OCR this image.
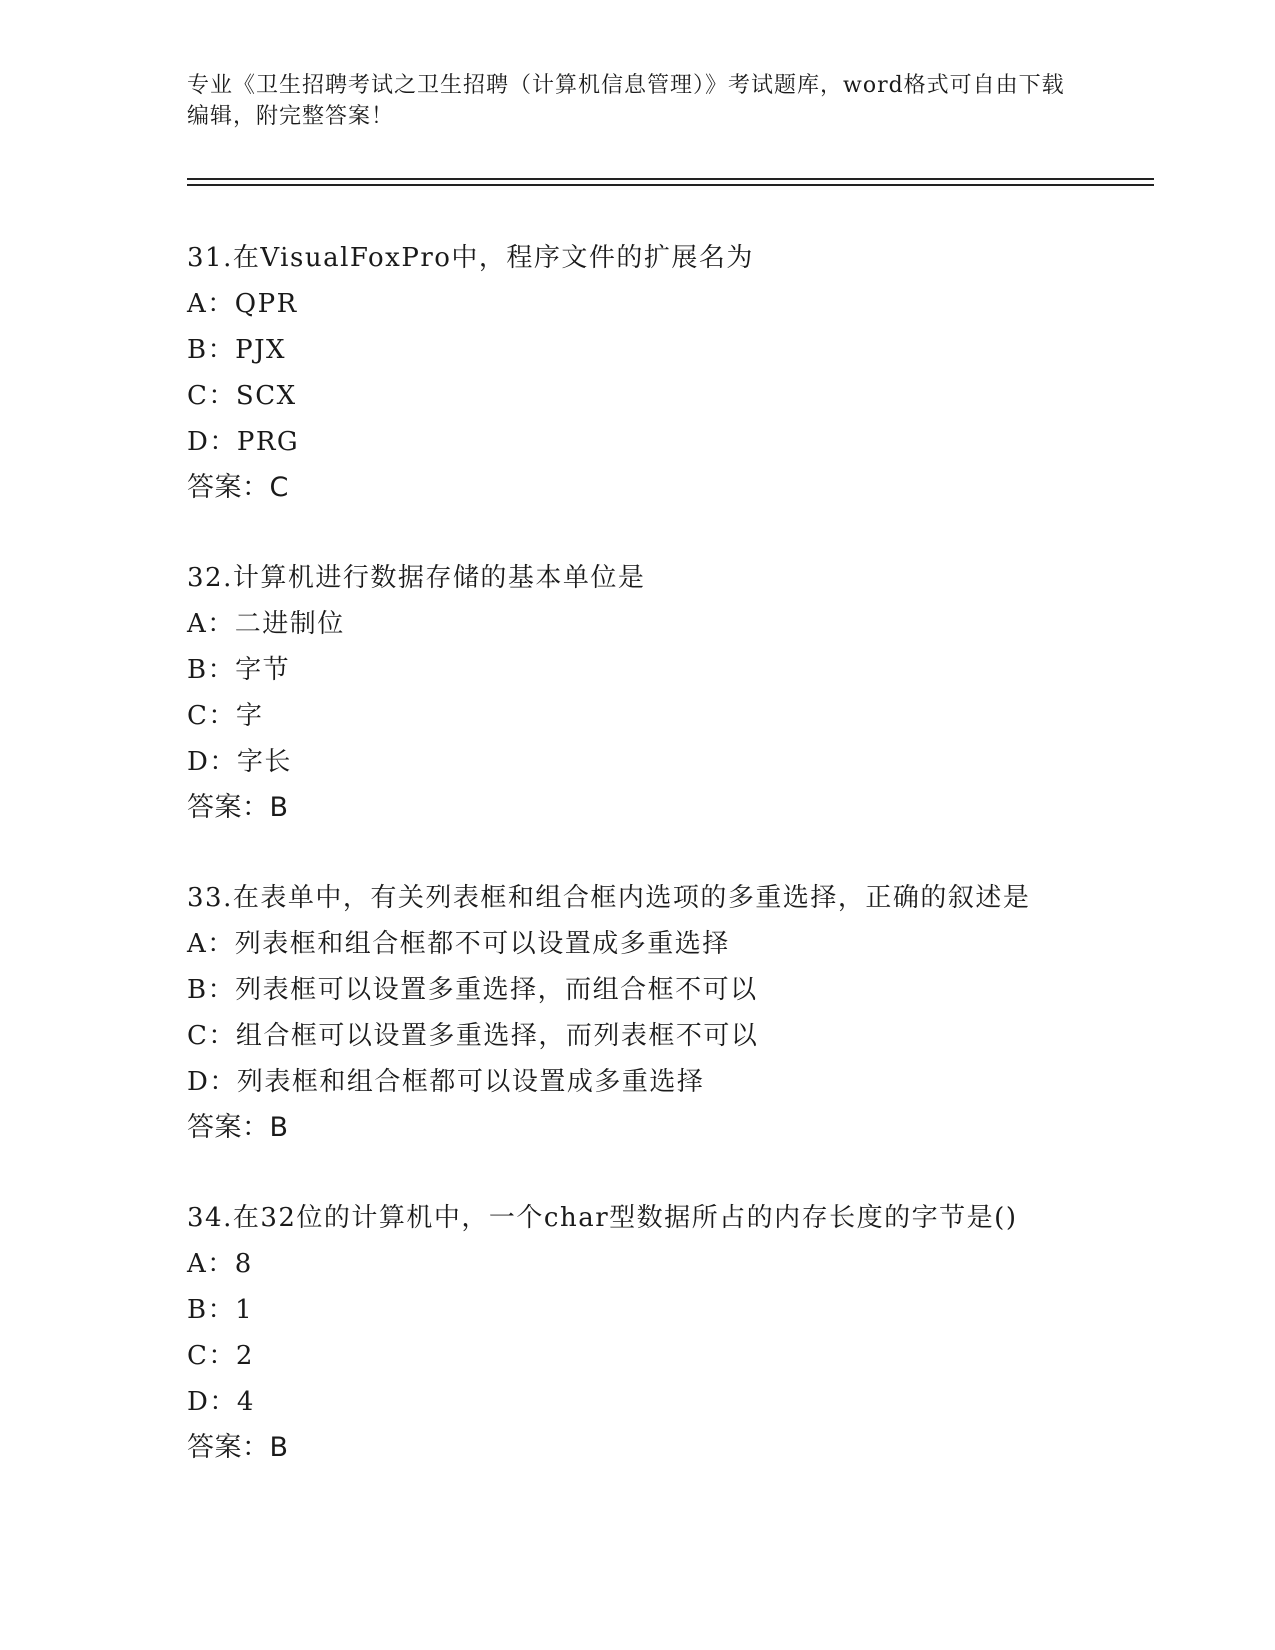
专业《卫生招聘考试之卫生招聘（计算机信息管理）》考试题库，word格式可自由下载编辑，附完整答案！
31.在VisualFoxPro中，程序文件的扩展名为
A：QPR
B：PJX
C：SCX
D：PRG
答案：C
32.计算机进行数据存储的基本单位是
A：二进制位
B：字节
C：字
D：字长
答案：B
33.在表单中，有关列表框和组合框内选项的多重选择，正确的叙述是
A：列表框和组合框都不可以设置成多重选择
B：列表框可以设置多重选择，而组合框不可以
C：组合框可以设置多重选择，而列表框不可以
D：列表框和组合框都可以设置成多重选择
答案：B
34.在32位的计算机中，一个char型数据所占的内存长度的字节是()
A：8
B：1
C：2
D：4
答案：B
